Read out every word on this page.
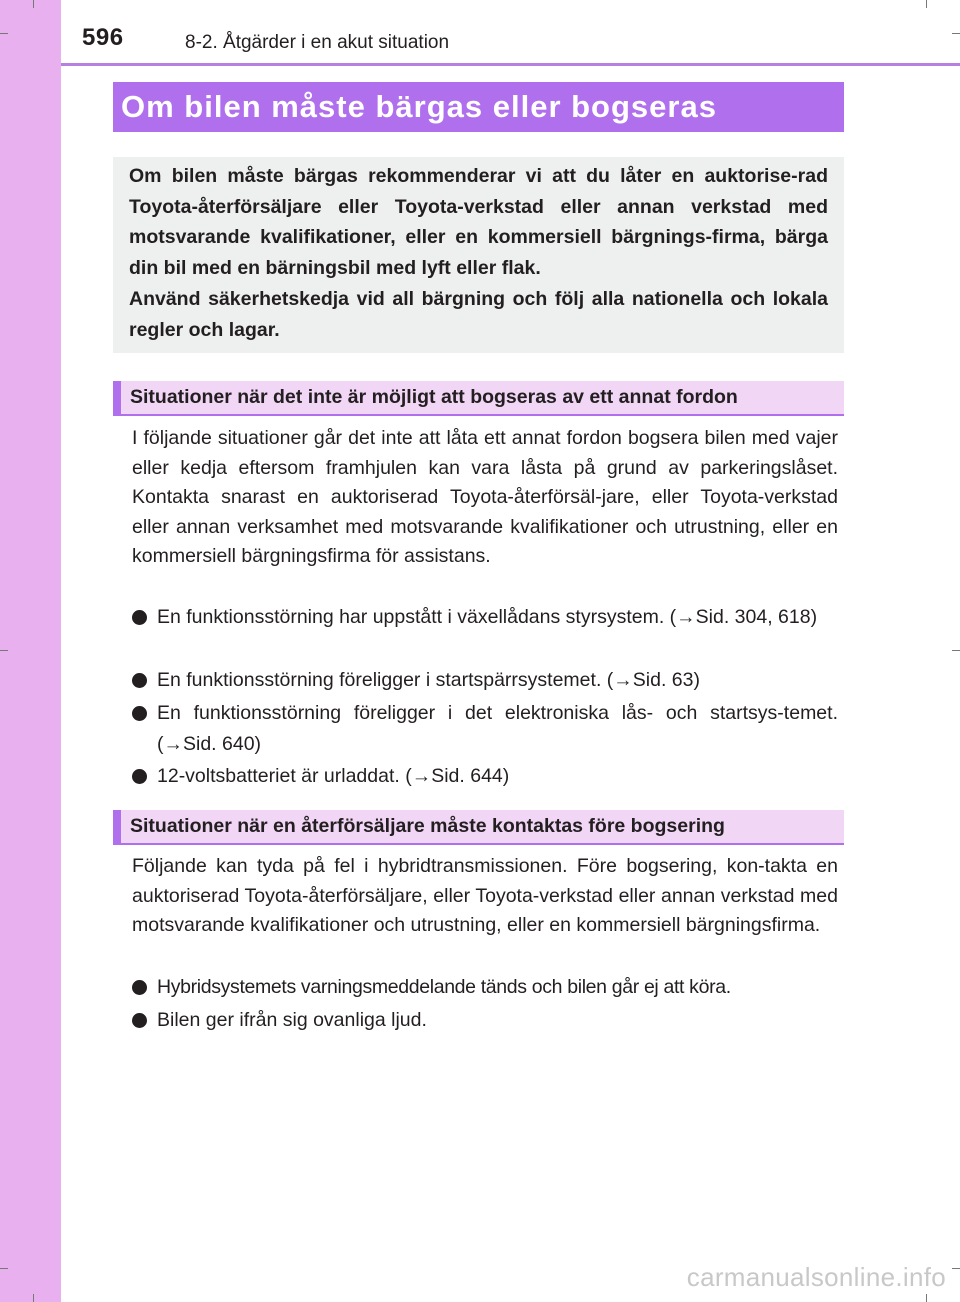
596	8-2. Åtgärder i en akut situation
Om bilen måste bärgas eller bogseras

Om bilen måste bärgas rekommenderar vi att du låter en auktorise-rad Toyota-återförsäljare eller Toyota-verkstad eller annan verkstad med motsvarande kvalifikationer, eller en kommersiell bärgnings-firma, bärga din bil med en bärningsbil med lyft eller flak.

Använd säkerhetskedja vid all bärgning och följ alla nationella och lokala regler och lagar.

Situationer när det inte är möjligt att bogseras av ett annat fordon

I följande situationer går det inte att låta ett annat fordon bogsera bilen med vajer eller kedja eftersom framhjulen kan vara låsta på grund av parkeringslåset. Kontakta snarast en auktoriserad Toyota-återförsäl-jare, eller Toyota-verkstad eller annan verksamhet med motsvarande kvalifikationer och utrustning, eller en kommersiell bärgningsfirma för assistans.

En funktionsstörning har uppstått i växellådans styrsystem. (→Sid. 304, 618)
En funktionsstörning föreligger i startspärrsystemet. (→Sid. 63)
En funktionsstörning föreligger i det elektroniska lås- och startsys-temet. (→Sid. 640)
12-voltsbatteriet är urladdat. (→Sid. 644)
Situationer när en återförsäljare måste kontaktas före bogsering

Följande kan tyda på fel i hybridtransmissionen. Före bogsering, kon-takta en auktoriserad Toyota-återförsäljare, eller Toyota-verkstad eller annan verkstad med motsvarande kvalifikationer och utrustning, eller en kommersiell bärgningsfirma.

Hybridsystemets varningsmeddelande tänds och bilen går ej att köra.
Bilen ger ifrån sig ovanliga ljud.
carmanualsonline.info
